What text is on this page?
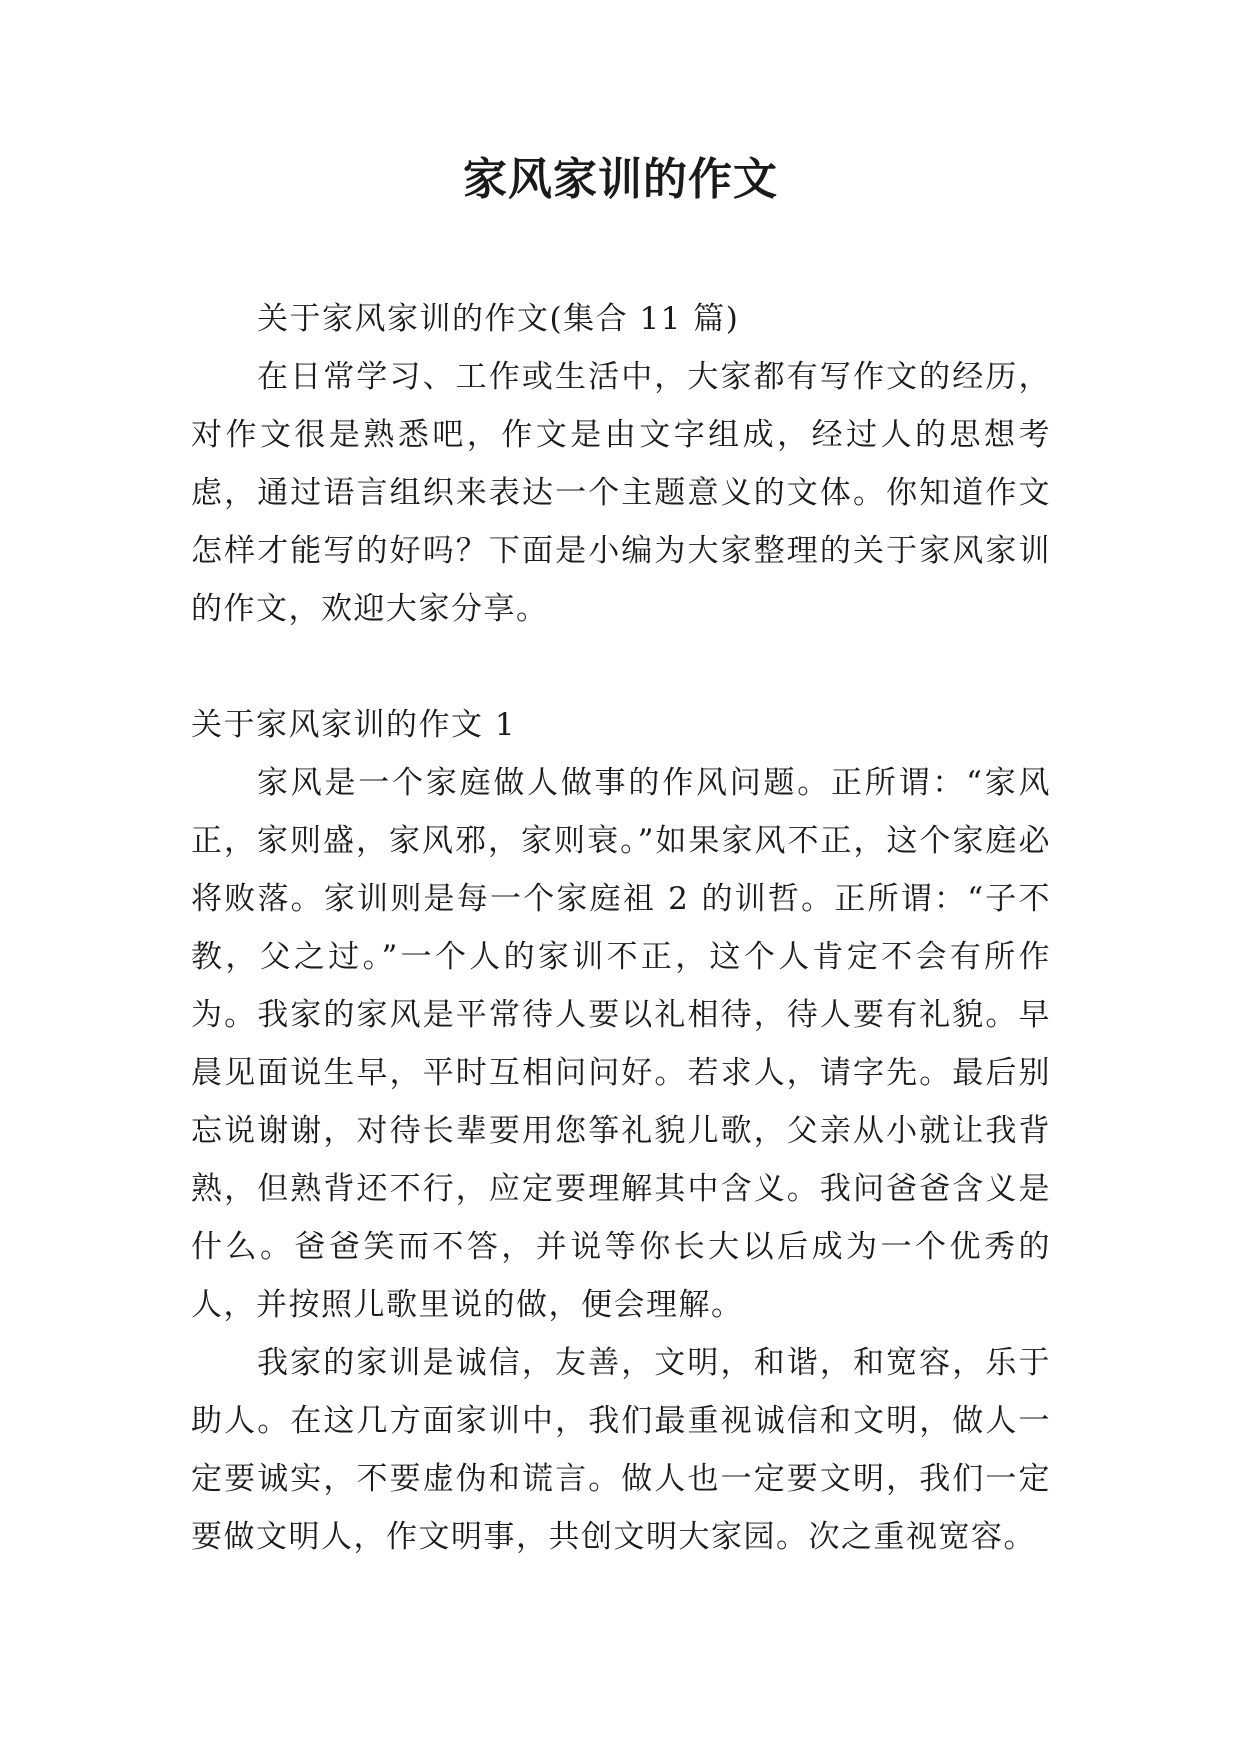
家风家训的作文

关于家风家训的作文(集合 11 篇)

在日常学习、工作或生活中，大家都有写作文的经历，对作文很是熟悉吧，作文是由文字组成，经过人的思想考虑，通过语言组织来表达一个主题意义的文体。你知道作文怎样才能写的好吗？下面是小编为大家整理的关于家风家训的作文，欢迎大家分享。

关于家风家训的作文 1

家风是一个家庭做人做事的作风问题。正所谓：“家风正，家则盛，家风邪，家则衰。”如果家风不正，这个家庭必将败落。家训则是每一个家庭祖 2 的训哲。正所谓：“子不教，父之过。”一个人的家训不正，这个人肯定不会有所作为。我家的家风是平常待人要以礼相待，待人要有礼貌。早晨见面说生早，平时互相问问好。若求人，请字先。最后别忘说谢谢，对待长辈要用您筝礼貌儿歌，父亲从小就让我背熟，但熟背还不行，应定要理解其中含义。我问爸爸含义是什么。爸爸笑而不答，并说等你长大以后成为一个优秀的人，并按照儿歌里说的做，便会理解。

我家的家训是诚信，友善，文明，和谐，和宽容，乐于助人。在这几方面家训中，我们最重视诚信和文明，做人一定要诚实，不要虚伪和谎言。做人也一定要文明，我们一定要做文明人，作文明事，共创文明大家园。次之重视宽容。
